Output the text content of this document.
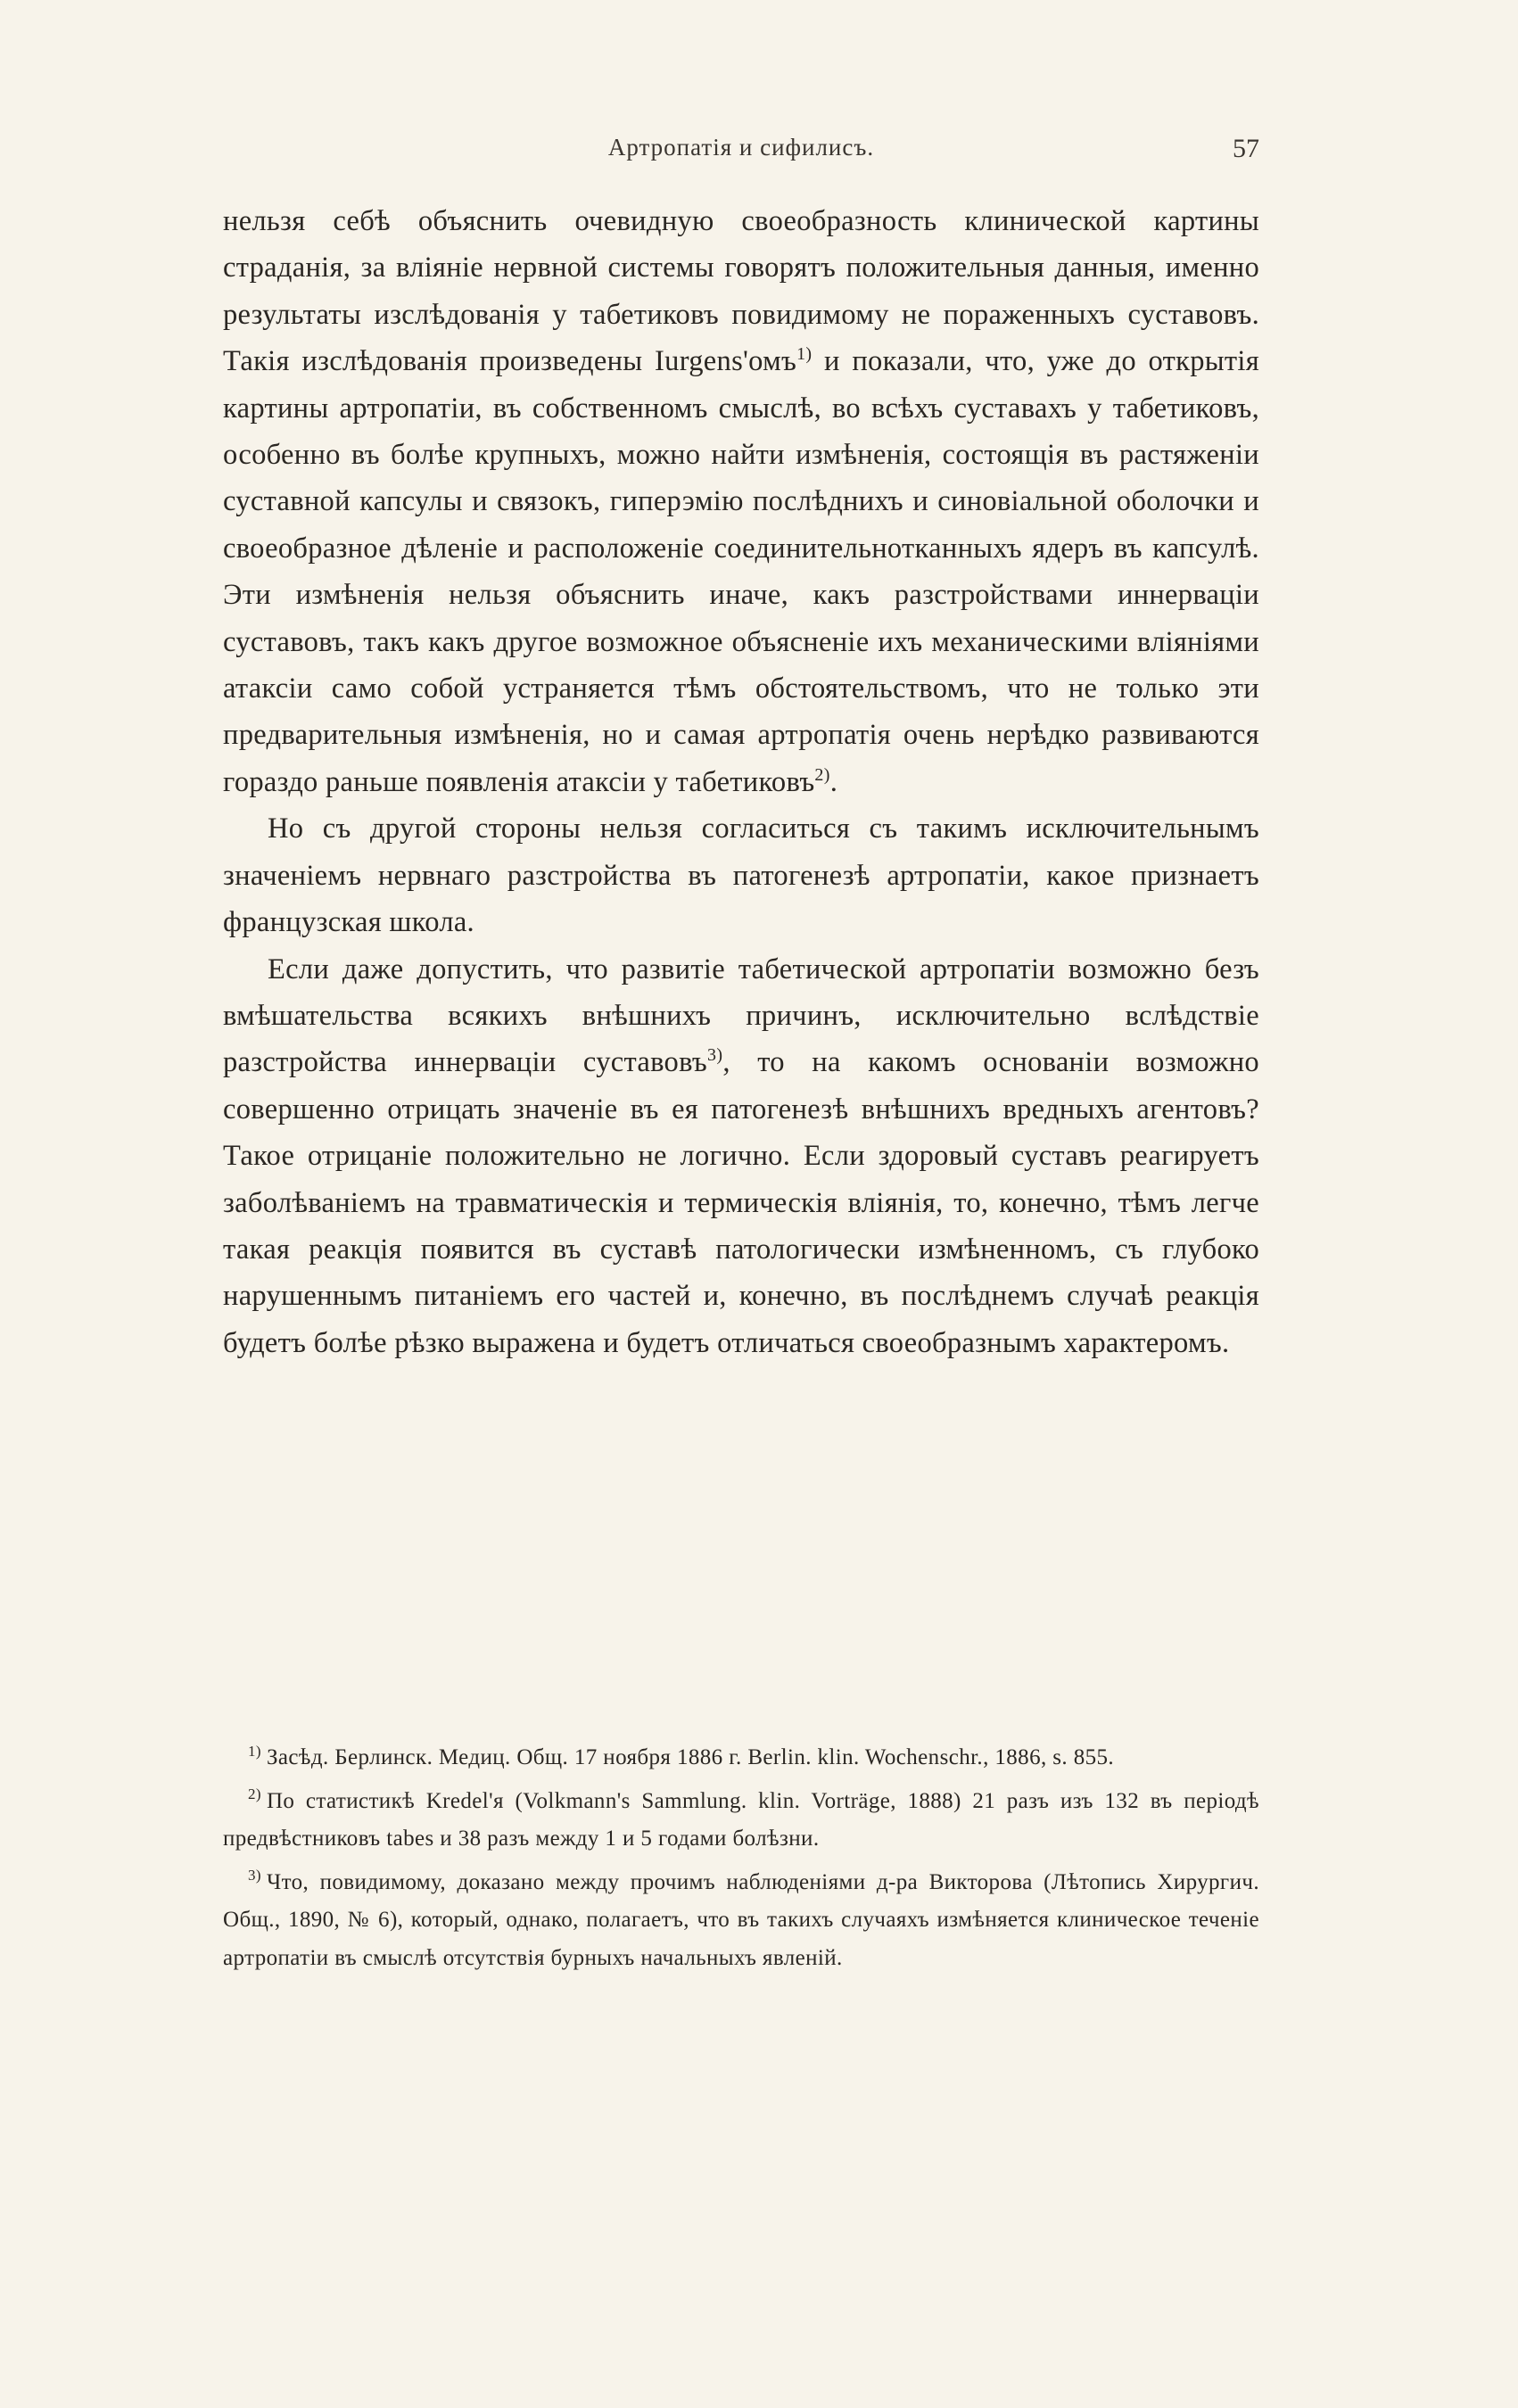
Артропатія и сифилисъ.	57

нельзя себѣ объяснить очевидную своеобразность клинической картины страданія, за вліяніе нервной системы говорятъ положительныя данныя, именно результаты изслѣдованія у табетиковъ повидимому не пораженныхъ суставовъ. Такія изслѣдованія произведены Iurgens'омъ$^{1)}$ и показали, что, уже до открытія картины артропатіи, въ собственномъ смыслѣ, во всѣхъ суставахъ у табетиковъ, особенно въ болѣе крупныхъ, можно найти измѣненія, состоящія въ растяженіи суставной капсулы и связокъ, гиперэмію послѣднихъ и синовіальной оболочки и своеобразное дѣленіе и расположеніе соединительнотканныхъ ядеръ въ капсулѣ. Эти измѣненія нельзя объяснить иначе, какъ разстройствами иннерваціи суставовъ, такъ какъ другое возможное объясненіе ихъ механическими вліяніями атаксіи само собой устраняется тѣмъ обстоятельствомъ, что не только эти предварительныя измѣненія, но и самая артропатія очень нерѣдко развиваются гораздо раньше появленія атаксіи у табетиковъ$^{2)}$.

Но съ другой стороны нельзя согласиться съ такимъ исключительнымъ значеніемъ нервнаго разстройства въ патогенезѣ артропатіи, какое признаетъ французская школа.

Если даже допустить, что развитіе табетической артропатіи возможно безъ вмѣшательства всякихъ внѣшнихъ причинъ, исключительно вслѣдствіе разстройства иннерваціи суставовъ$^{3)}$, то на какомъ основаніи возможно совершенно отрицать значеніе въ ея патогенезѣ внѣшнихъ вредныхъ агентовъ? Такое отрицаніе положительно не логично. Если здоровый суставъ реагируетъ заболѣваніемъ на травматическія и термическія вліянія, то, конечно, тѣмъ легче такая реакція появится въ суставѣ патологически измѣненномъ, съ глубоко нарушеннымъ питаніемъ его частей и, конечно, въ послѣднемъ случаѣ реакція будетъ болѣе рѣзко выражена и будетъ отличаться своеобразнымъ характеромъ.

$^{1)}$ Засѣд. Берлинск. Медиц. Общ. 17 ноября 1886 г. Berlin. klin. Wochenschr., 1886, s. 855.

$^{2)}$ По статистикѣ Kredel'я (Volkmann's Sammlung. klin. Vorträge, 1888) 21 разъ изъ 132 въ періодѣ предвѣстниковъ tabes и 38 разъ между 1 и 5 годами болѣзни.

$^{3)}$ Что, повидимому, доказано между прочимъ наблюденіями д-ра Викторова (Лѣтопись Хирургич. Общ., 1890, № 6), который, однако, полагаетъ, что въ такихъ случаяхъ измѣняется клиническое теченіе артропатіи въ смыслѣ отсутствія бурныхъ начальныхъ явленій.
